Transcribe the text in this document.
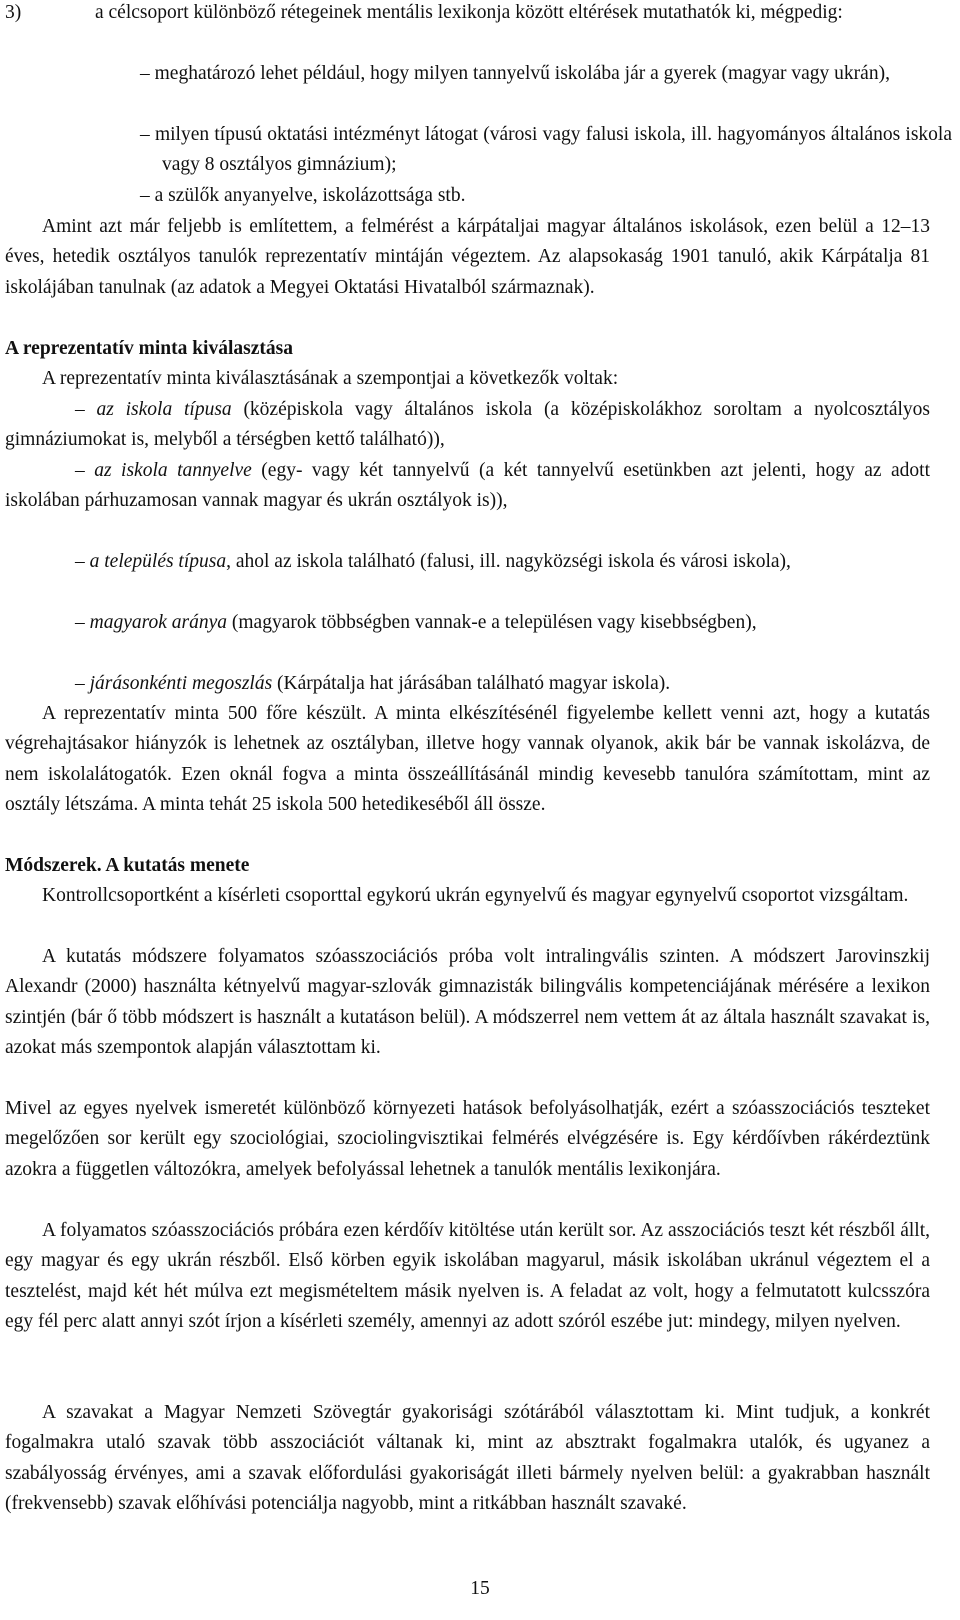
3)	a célcsoport különböző rétegeinek mentális lexikonja között eltérések mutathatók ki, mégpedig:

– meghatározó lehet például, hogy milyen tannyelvű iskolába jár a gyerek (magyar vagy ukrán),

– milyen típusú oktatási intézményt látogat (városi vagy falusi iskola, ill. hagyományos általános iskola vagy 8 osztályos gimnázium);

– a szülők anyanyelve, iskolázottsága stb.

Amint azt már feljebb is említettem, a felmérést a kárpátaljai magyar általános iskolások, ezen belül a 12–13 éves, hetedik osztályos tanulók reprezentatív mintáján végeztem. Az alapsokaság 1901 tanuló, akik Kárpátalja 81 iskolájában tanulnak (az adatok a Megyei Oktatási Hivatalból származnak).

A reprezentatív minta kiválasztása

A reprezentatív minta kiválasztásának a szempontjai a következők voltak:

– az iskola típusa (középiskola vagy általános iskola (a középiskolákhoz soroltam a nyolcosztályos gimnáziumokat is, melyből a térségben kettő található)),

– az iskola tannyelve (egy- vagy két tannyelvű (a két tannyelvű esetünkben azt jelenti, hogy az adott iskolában párhuzamosan vannak magyar és ukrán osztályok is)),

– a település típusa, ahol az iskola található (falusi, ill. nagyközségi iskola és városi iskola),

– magyarok aránya (magyarok többségben vannak-e a településen vagy kisebbségben),

– járásonkénti megoszlás (Kárpátalja hat járásában található magyar iskola).

A reprezentatív minta 500 főre készült. A minta elkészítésénél figyelembe kellett venni azt, hogy a kutatás végrehajtásakor hiányzók is lehetnek az osztályban, illetve hogy vannak olyanok, akik bár be vannak iskolázva, de nem iskolalátogatók. Ezen oknál fogva a minta összeállításánál mindig kevesebb tanulóra számítottam, mint az osztály létszáma. A minta tehát 25 iskola 500 hetedikeséből áll össze.

Módszerek. A kutatás menete

Kontrollcsoportként a kísérleti csoporttal egykorú ukrán egynyelvű és magyar egynyelvű csoportot vizsgáltam.

A kutatás módszere folyamatos szóasszociációs próba volt intralingvális szinten. A módszert Jarovinszkij Alexandr (2000) használta kétnyelvű magyar-szlovák gimnazisták bilingvális kompetenciájának mérésére a lexikon szintjén (bár ő több módszert is használt a kutatáson belül). A módszerrel nem vettem át az általa használt szavakat is, azokat más szempontok alapján választottam ki.

Mivel az egyes nyelvek ismeretét különböző környezeti hatások befolyásolhatják, ezért a szóasszociációs teszteket megelőzően sor került egy szociológiai, szociolingvisztikai felmérés elvégzésére is. Egy kérdőívben rákérdeztünk azokra a független változókra, amelyek befolyással lehetnek a tanulók mentális lexikonjára.

A folyamatos szóasszociációs próbára ezen kérdőív kitöltése után került sor. Az asszociációs teszt két részből állt, egy magyar és egy ukrán részből. Első körben egyik iskolában magyarul, másik iskolában ukránul végeztem el a tesztelést, majd két hét múlva ezt megismételtem másik nyelven is. A feladat az volt, hogy a felmutatott kulcsszóra egy fél perc alatt annyi szót írjon a kísérleti személy, amennyi az adott szóról eszébe jut: mindegy, milyen nyelven.

A szavakat a Magyar Nemzeti Szövegtár gyakorisági szótárából választottam ki. Mint tudjuk, a konkrét fogalmakra utaló szavak több asszociációt váltanak ki, mint az absztrakt fogalmakra utalók, és ugyanez a szabályosság érvényes, ami a szavak előfordulási gyakoriságát illeti bármely nyelven belül: a gyakrabban használt (frekvensebb) szavak előhívási potenciálja nagyobb, mint a ritkábban használt szavaké.

15
